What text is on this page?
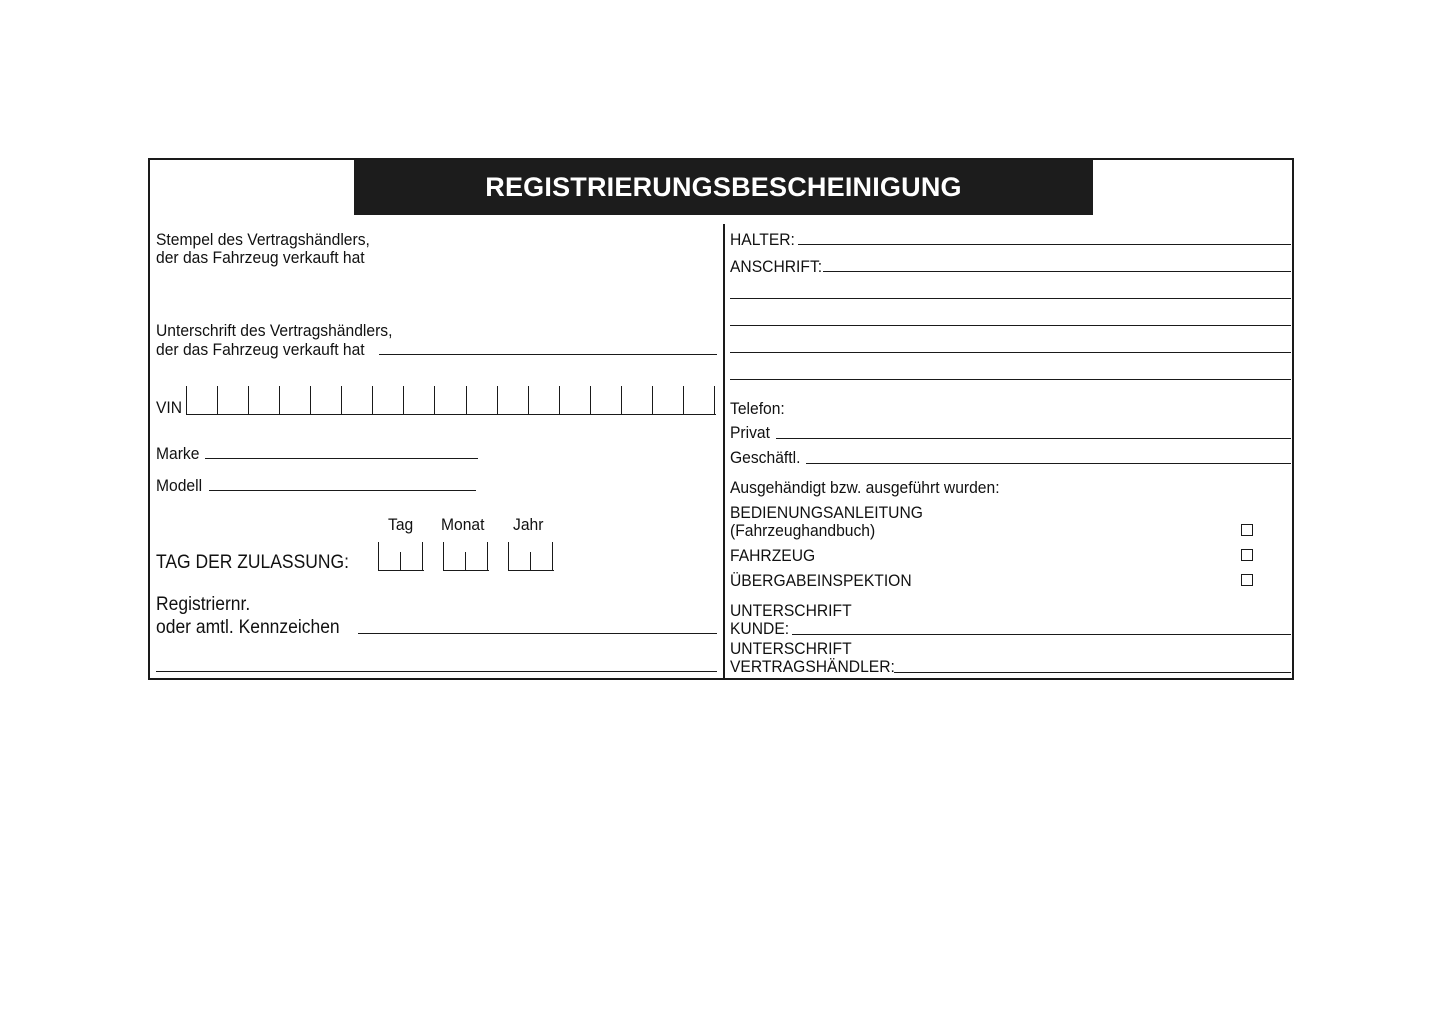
REGISTRIERUNGSBESCHEINIGUNG
Stempel des Vertragshändlers,
der das Fahrzeug verkauft hat
Unterschrift des Vertragshändlers,
der das Fahrzeug verkauft hat
VIN
Marke
Modell
Tag Monat Jahr
TAG DER ZULASSUNG:
Registriernr.
oder amtl. Kennzeichen
HALTER:
ANSCHRIFT:
Telefon:
Privat
Geschäftl.
Ausgehändigt bzw. ausgeführt wurden:
BEDIENUNGSANLEITUNG
(Fahrzeughandbuch)
FAHRZEUG
ÜBERGABEINSPEKTION
UNTERSCHRIFT
KUNDE:
UNTERSCHRIFT
VERTRAGSHÄNDLER:
